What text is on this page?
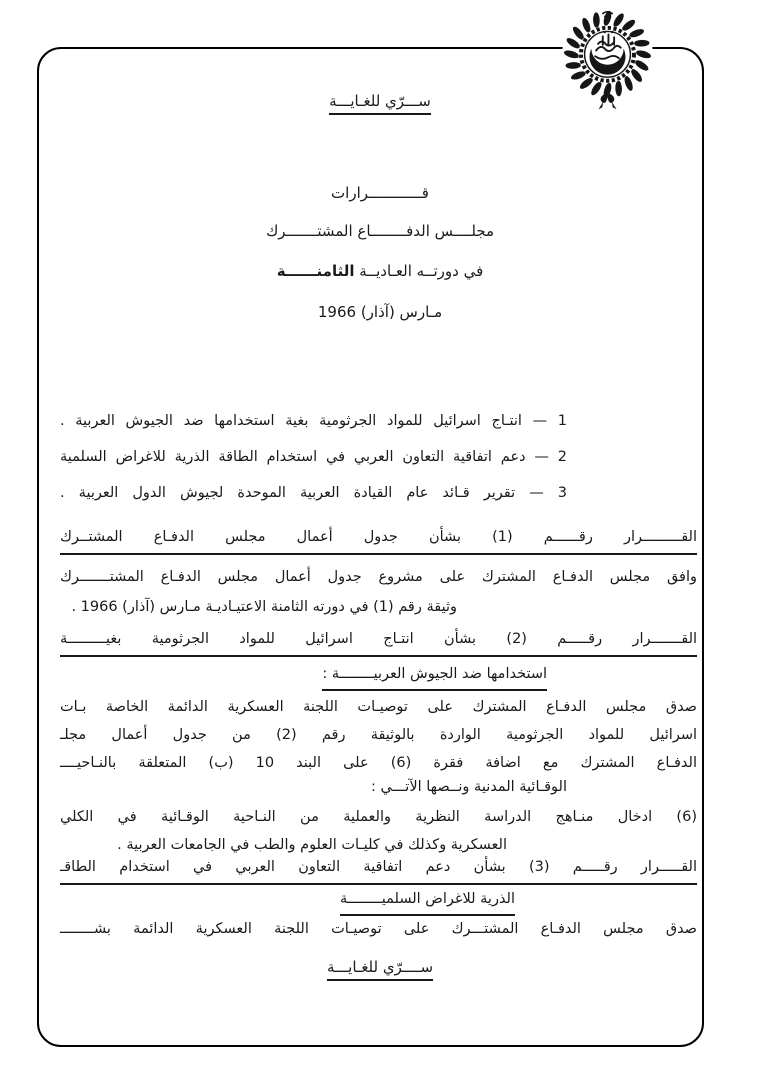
ســـرّي للغـايـــة
قــــــــــــرارات
مجلــــس الدفــــــــاع المشتـــــــرك
في دورتــه العـاديــة الثامنــــــة
مـارس (آذار) 1966
1 — انتـاج اسرائيل للمواد الجرثومية بغية استخدامها ضد الجيوش العربية .
2 — دعم اتفاقية التعاون العربي في استخدام الطاقة الذرية للاغراض السلمية
3 — تقرير قـائد عام القيادة العربية الموحدة لجيوش الدول العربية .
القـــــــــرار رقــــــم (1) بشأن جدول أعمال مجلس الدفـاع المشتــرك
وافق مجلس الدفـاع المشترك على مشروع جدول أعمال مجلس الدفـاع المشتـــــــرك
وثيقة رقم (1) في دورته الثامنة الاعتيـاديـة مـارس (آذار) 1966 .
القـــــــرار رقـــــم (2) بشأن انتـاج اسرائيل للمواد الجرثومية بغيـــــــــة
استخدامها ضد الجيوش العربيــــــــة :
صدق مجلس الدفـاع المشترك على توصيـات اللجنة العسكرية الدائمة الخاصة بـات
اسرائيل للمواد الجرثومية الواردة بالوثيقة رقم (2) من جدول أعمال مجلـ
الدفـاع المشترك مع اضافة فقرة (6) على البند 10 (ب) المتعلقة بالنـاحيــــ
الوقـائية المدنية ونــصها الآتـــي :
(6) ادخال منـاهج الدراسة النظرية والعملية من النـاحية الوقـائية في الكلي
العسكرية وكذلك في كليـات العلوم والطب في الجامعات العربية .
القـــــرار رقـــــم (3) بشأن دعم اتفاقية التعاون العربي في استخدام الطاقـ
الذرية للاغراض السلميــــــــة
صدق مجلس الدفـاع المشتـــرك على توصيـات اللجنة العسكرية الدائمة بشــــــــ
ســــرّي للغـايـــة
